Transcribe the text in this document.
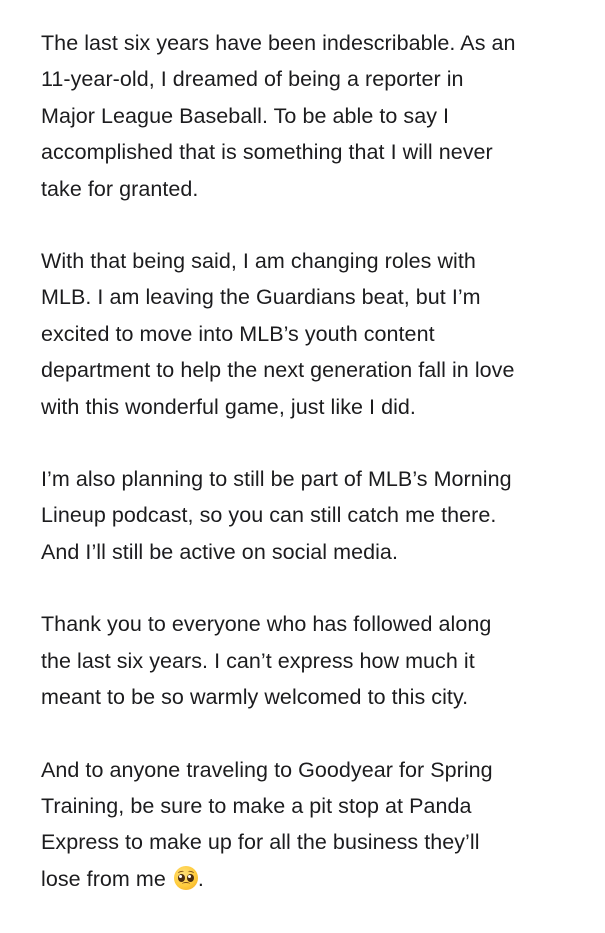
The last six years have been indescribable. As an
11-year-old, I dreamed of being a reporter in
Major League Baseball. To be able to say I
accomplished that is something that I will never
take for granted.

With that being said, I am changing roles with
MLB. I am leaving the Guardians beat, but I’m
excited to move into MLB’s youth content
department to help the next generation fall in love
with this wonderful game, just like I did.

I’m also planning to still be part of MLB’s Morning
Lineup podcast, so you can still catch me there.
And I’ll still be active on social media.

Thank you to everyone who has followed along
the last six years. I can’t express how much it
meant to be so warmly welcomed to this city.

And to anyone traveling to Goodyear for Spring
Training, be sure to make a pit stop at Panda
Express to make up for all the business they’ll
lose from me .
